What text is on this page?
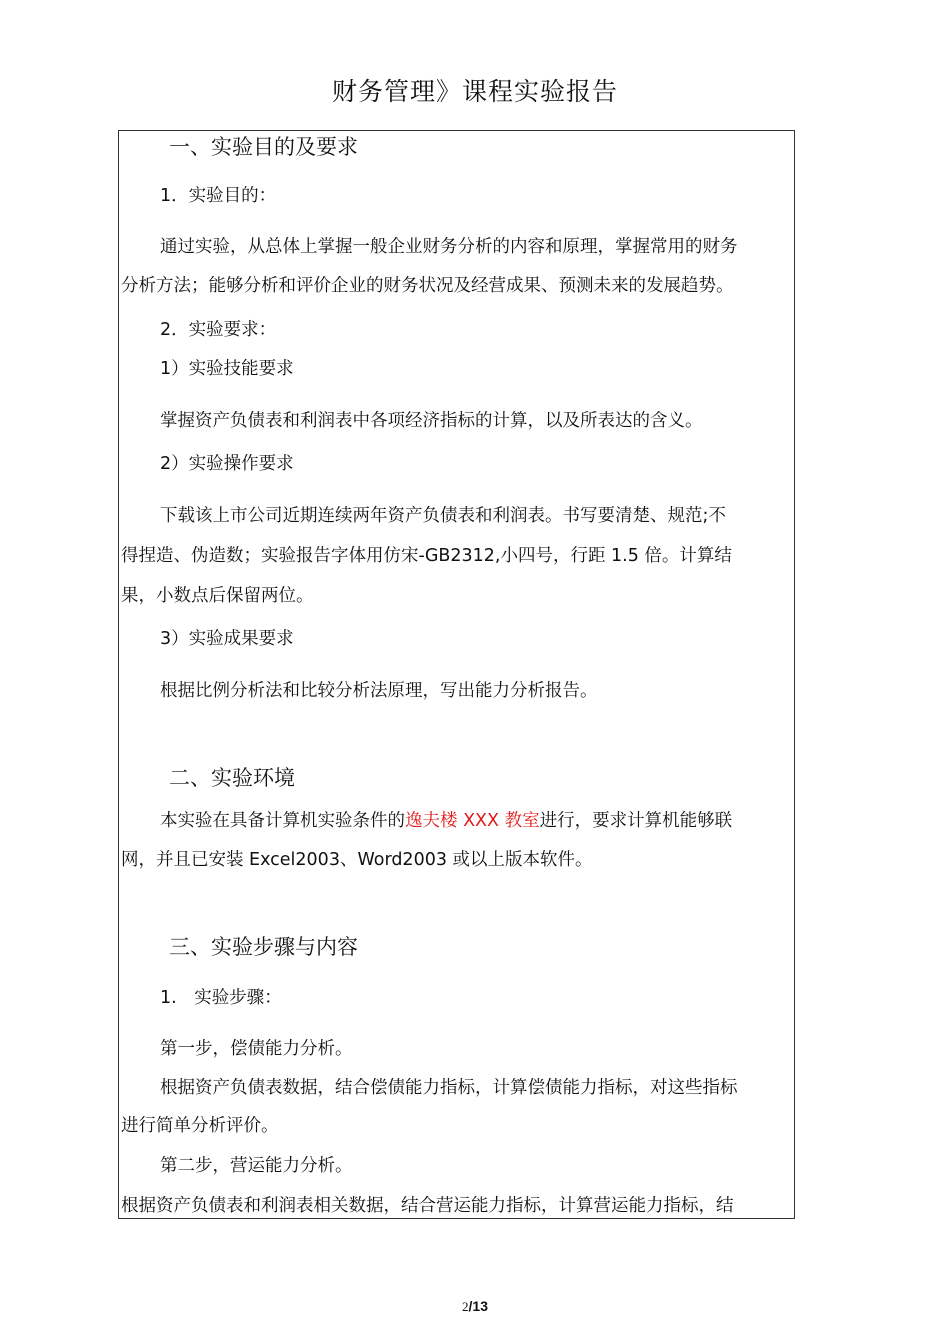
财务管理》课程实验报告
一、实验目的及要求
1．实验目的：
通过实验，从总体上掌握一般企业财务分析的内容和原理，掌握常用的财务
分析方法；能够分析和评价企业的财务状况及经营成果、预测未来的发展趋势。
2．实验要求：
1）实验技能要求
掌握资产负债表和利润表中各项经济指标的计算，以及所表达的含义。
2）实验操作要求
下载该上市公司近期连续两年资产负债表和利润表。书写要清楚、规范;不
得捏造、伪造数；实验报告字体用仿宋-GB2312,小四号，行距 1.5 倍。计算结
果，小数点后保留两位。
3）实验成果要求
根据比例分析法和比较分析法原理，写出能力分析报告。
二、实验环境
本实验在具备计算机实验条件的逸夫楼 XXX 教室进行，要求计算机能够联
网，并且已安装 Excel2003、Word2003 或以上版本软件。
三、实验步骤与内容
1.　实验步骤：
第一步，偿债能力分析。
根据资产负债表数据，结合偿债能力指标，计算偿债能力指标，对这些指标
进行简单分析评价。
第二步，营运能力分析。
根据资产负债表和利润表相关数据，结合营运能力指标，计算营运能力指标，结
2/13
